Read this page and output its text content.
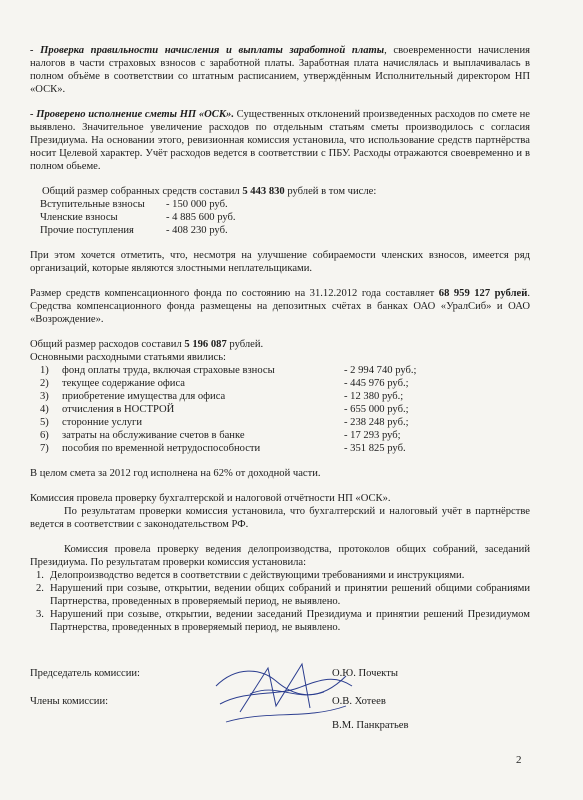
- Проверка правильности начисления и выплаты заработной платы, своевременности начисления налогов в части страховых взносов с заработной платы. Заработная плата начислялась и выплачивалась в полном объёме в соответствии со штатным расписанием, утверждённым Исполнительный директором НП «ОСК».

- Проверено исполнение сметы НП «ОСК». Существенных отклонений произведенных расходов по смете не выявлено. Значительное увеличение расходов по отдельным статьям сметы производилось с согласия Президиума. На основании этого, ревизионная комиссия установила, что использование средств партнёрства носит Целевой характер. Учёт расходов ведется в соответствии с ПБУ. Расходы отражаются своевременно и в полном обьеме.

Общий размер собранных средств составил 5 443 830 рублей в том числе:

Вступительные взносы	- 150 000 руб.
Членские взносы	- 4 885 600 руб.
Прочие поступления	- 408 230 руб.

При этом хочется отметить, что, несмотря на улучшение собираемости членских взносов, имеется ряд организаций, которые являются злостными неплательщиками.

Размер средств компенсационного фонда по состоянию на 31.12.2012 года составляет 68 959 127 рублей. Средства компенсационного фонда размещены на депозитных счётах в банках ОАО «УралСиб» и ОАО «Возрождение».

Общий размер расходов составил 5 196 087 рублей.

Основными расходными статьями явились:

1)	фонд оплаты труда, включая страховые взносы	- 2 994 740 руб.;
2)	текущее содержание офиса	- 445 976 руб.;
3)	приобретение имущества для офиса	- 12 380 руб.;
4)	отчисления в НОСТРОЙ	- 655 000 руб.;
5)	сторонние услуги	- 238 248 руб.;
6)	затраты на обслуживание счетов в банке	- 17 293 руб;
7)	пособия по временной нетрудоспособности	- 351 825 руб.

В целом смета за 2012 год исполнена на 62% от доходной части.

Комиссия провела проверку бухгалтерской и налоговой отчётности НП «ОСК».

По результатам проверки комиссия установила, что бухгалтерский и налоговый учёт в партнёрстве ведется в соответствии с законодательством РФ.

Комиссия провела проверку ведения делопроизводства, протоколов общих собраний, заседаний Президиума. По результатам проверки комиссия установила:

1. Делопроизводство ведется в соответствии с действующими требованиями и инструкциями.
2. Нарушений при созыве, открытии, ведении общих собраний и принятии решений общими собраниями Партнерства, проведенных в проверяемый период, не выявлено.
3. Нарушений при созыве, открытии, ведении заседаний Президиума и принятии решений Президиумом Партнерства, проведенных в проверяемый период, не выявлено.
Председатель комиссии:	О.Ю. Почекты
Члены комиссии:	О.В. Хотеев
В.М. Панкратьев
2
